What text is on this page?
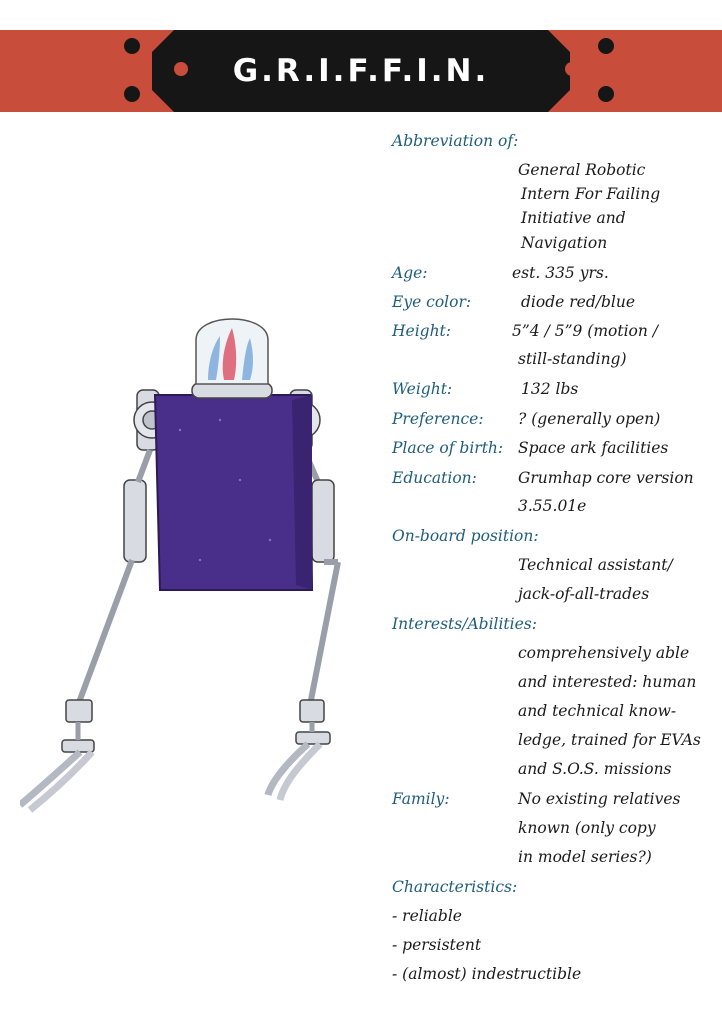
G.R.I.F.F.I.N.
Abbreviation of:
General Robotic
Intern For Failing
Initiative and
Navigation
Age:	est. 335 yrs.
Eye color:	diode red/blue
Height:	5”4 / 5”9 (motion /
still-standing)
Weight:	132 lbs
Preference: ? (generally open)
Place of birth: Space ark facilities
Education:	Grumhap core version
3.55.01e
On-board position:
Technical assistant/
jack-of-all-trades
Interests/Abilities:
comprehensively able
and interested: human
and technical know-
ledge, trained for EVAs
and S.O.S. missions
Family:	No existing relatives
known (only copy
in model series?)
Characteristics:
- reliable
- persistent
- (almost) indestructible
